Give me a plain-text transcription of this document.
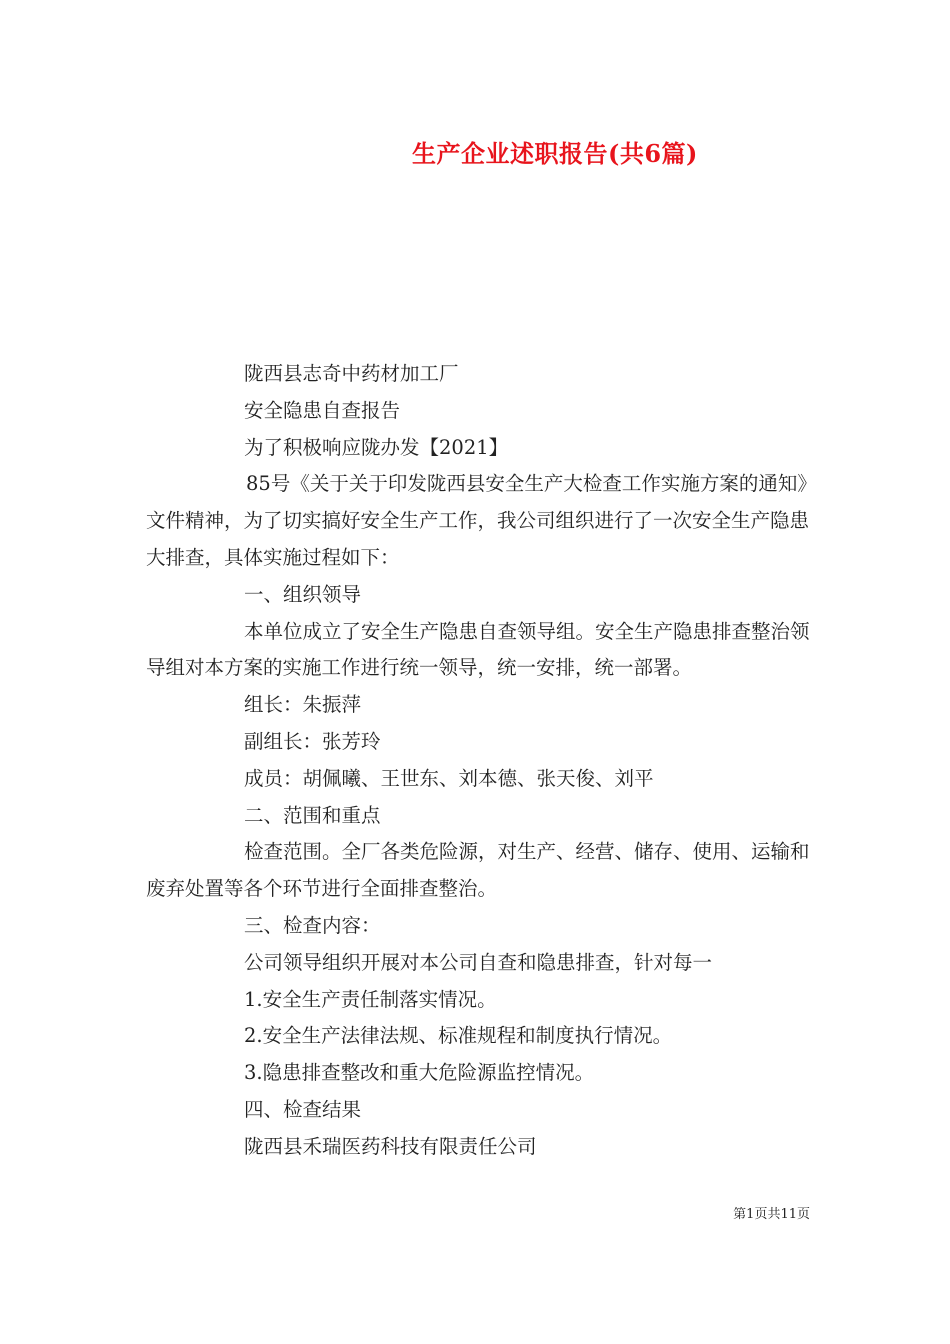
生产企业述职报告(共6篇)

陇西县志奇中药材加工厂

安全隐患自查报告

为了积极响应陇办发【2021】

85号《关于关于印发陇西县安全生产大检查工作实施方案的通知》文件精神，为了切实搞好安全生产工作，我公司组织进行了一次安全生产隐患大排查，具体实施过程如下：

一、组织领导

本单位成立了安全生产隐患自查领导组。安全生产隐患排查整治领导组对本方案的实施工作进行统一领导，统一安排，统一部署。

组长：朱振萍

副组长：张芳玲

成员：胡佩曦、王世东、刘本德、张天俊、刘平

二、范围和重点

检查范围。全厂各类危险源，对生产、经营、储存、使用、运输和废弃处置等各个环节进行全面排查整治。

三、检查内容：

公司领导组织开展对本公司自查和隐患排查，针对每一

1.安全生产责任制落实情况。

2.安全生产法律法规、标准规程和制度执行情况。

3.隐患排查整改和重大危险源监控情况。

四、检查结果

陇西县禾瑞医药科技有限责任公司

第1页共11页
